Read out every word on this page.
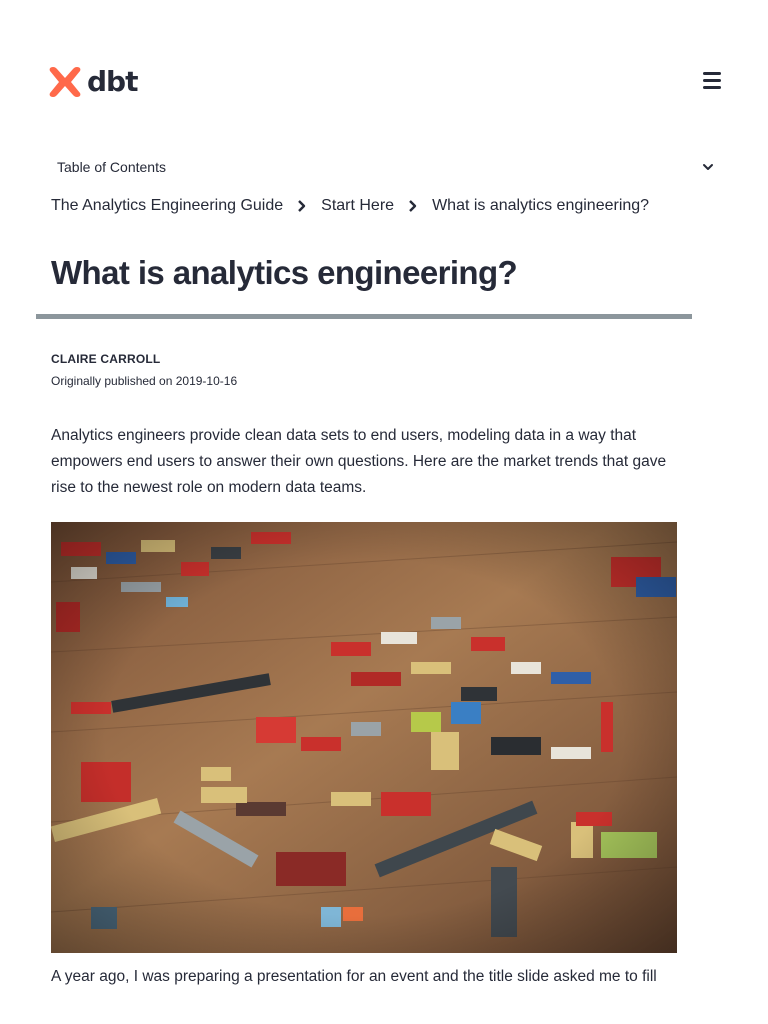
dbt
Table of Contents
The Analytics Engineering Guide Start Here What is analytics engineering?
What is analytics engineering?
CLAIRE CARROLL
Originally published on 2019-10-16

Analytics engineers provide clean data sets to end users, modeling data in a way that empowers end users to answer their own questions. Here are the market trends that gave rise to the newest role on modern data teams.

A year ago, I was preparing a presentation for an event and the title slide asked me to fill
